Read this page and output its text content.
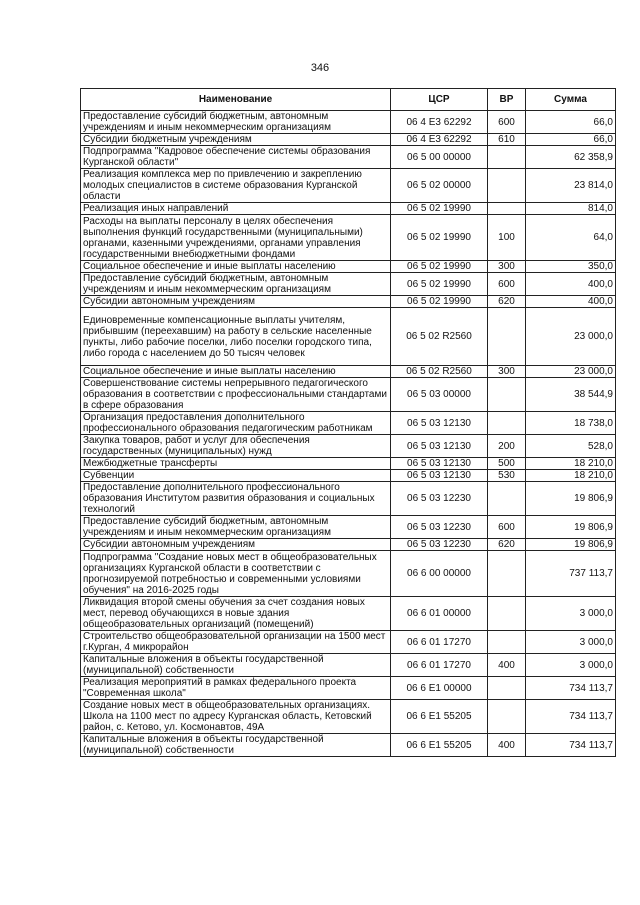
346
Наименование	ЦСР	ВР	Сумма
Предоставление субсидий бюджетным, автономным учреждениям и иным некоммерческим организациям	06 4 E3 62292	600	66,0
Субсидии бюджетным учреждениям	06 4 E3 62292	610	66,0
Подпрограмма "Кадровое обеспечение системы образования Курганской области"	06 5 00 00000		62 358,9
Реализация комплекса мер по привлечению и закреплению молодых специалистов в системе образования Курганской области	06 5 02 00000		23 814,0
Реализация иных направлений	06 5 02 19990		814,0
Расходы на выплаты персоналу в целях обеспечения выполнения функций государственными (муниципальными) органами, казенными учреждениями, органами управления государственными внебюджетными фондами	06 5 02 19990	100	64,0
Социальное обеспечение и иные выплаты населению	06 5 02 19990	300	350,0
Предоставление субсидий бюджетным, автономным учреждениям и иным некоммерческим организациям	06 5 02 19990	600	400,0
Субсидии автономным учреждениям	06 5 02 19990	620	400,0
Единовременные компенсационные выплаты учителям, прибывшим (переехавшим) на работу в сельские населенные пункты, либо рабочие поселки, либо поселки городского типа, либо города с населением до 50 тысяч человек	06 5 02 R2560		23 000,0
Социальное обеспечение и иные выплаты населению	06 5 02 R2560	300	23 000,0
Совершенствование системы непрерывного педагогического образования в соответствии с профессиональными стандартами в сфере образования	06 5 03 00000		38 544,9
Организация предоставления дополнительного профессионального образования педагогическим работникам	06 5 03 12130		18 738,0
Закупка товаров, работ и услуг для обеспечения государственных (муниципальных) нужд	06 5 03 12130	200	528,0
Межбюджетные трансферты	06 5 03 12130	500	18 210,0
Субвенции	06 5 03 12130	530	18 210,0
Предоставление дополнительного профессионального образования Институтом развития образования и социальных технологий	06 5 03 12230		19 806,9
Предоставление субсидий бюджетным, автономным учреждениям и иным некоммерческим организациям	06 5 03 12230	600	19 806,9
Субсидии автономным учреждениям	06 5 03 12230	620	19 806,9
Подпрограмма "Создание новых мест в общеобразовательных организациях Курганской области в соответствии с прогнозируемой потребностью и современными условиями обучения" на 2016-2025 годы	06 6 00 00000		737 113,7
Ликвидация второй смены обучения за счет создания новых мест, перевод обучающихся в новые здания общеобразовательных организаций (помещений)	06 6 01 00000		3 000,0
Строительство общеобразовательной организации на 1500 мест г.Курган, 4 микрорайон	06 6 01 17270		3 000,0
Капитальные вложения в объекты государственной (муниципальной) собственности	06 6 01 17270	400	3 000,0
Реализация мероприятий в рамках федерального проекта "Современная школа"	06 6 E1 00000		734 113,7
Создание новых мест в общеобразовательных организациях. Школа на 1100 мест по адресу Курганская область, Кетовский район, с. Кетово, ул. Космонавтов, 49А	06 6 E1 55205		734 113,7
Капитальные вложения в объекты государственной (муниципальной) собственности	06 6 E1 55205	400	734 113,7
